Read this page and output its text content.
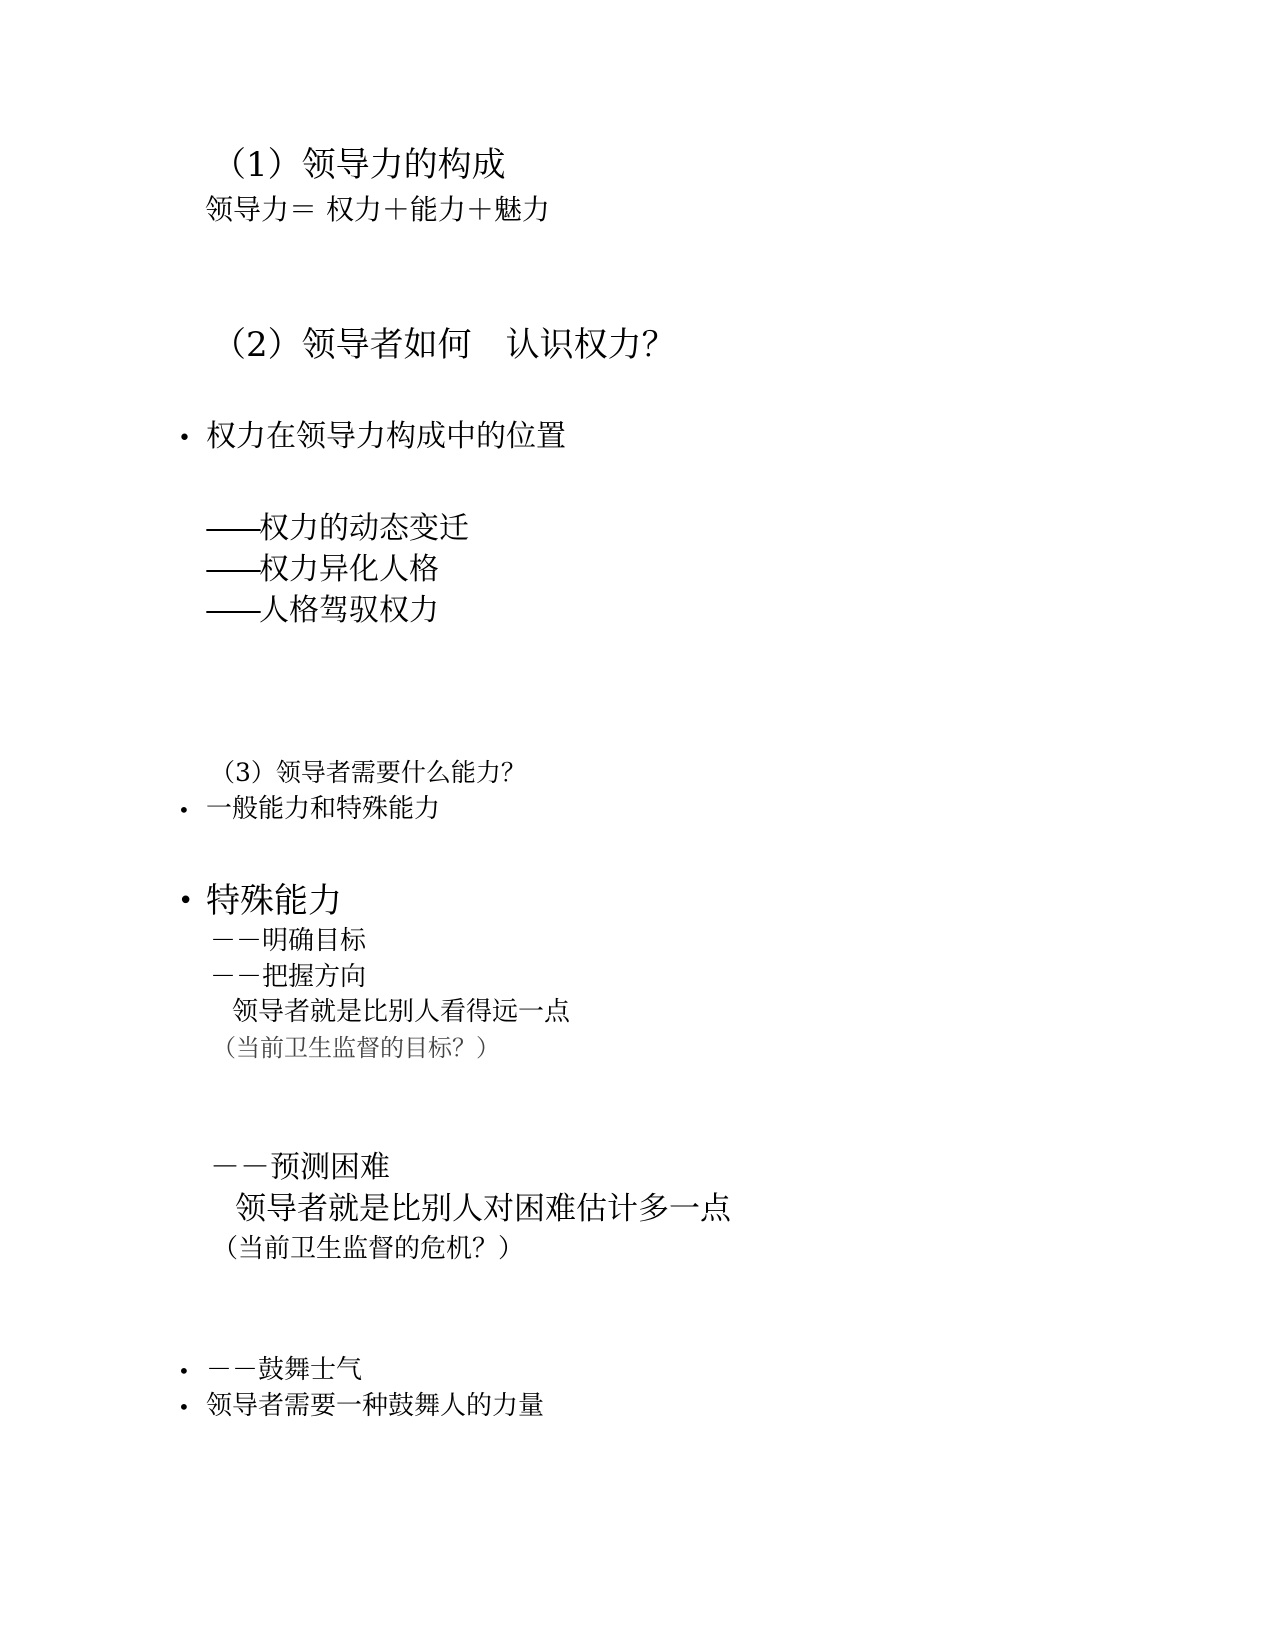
（1）领导力的构成
领导力＝ 权力＋能力＋魅力
（2）领导者如何　认识权力？
• 权力在领导力构成中的位置
——权力的动态变迁
——权力异化人格
——人格驾驭权力
（3）领导者需要什么能力？
• 一般能力和特殊能力
• 特殊能力
－－明确目标
－－把握方向
领导者就是比别人看得远一点
（当前卫生监督的目标？）
－－预测困难
领导者就是比别人对困难估计多一点
（当前卫生监督的危机？）
• －－鼓舞士气
• 领导者需要一种鼓舞人的力量
